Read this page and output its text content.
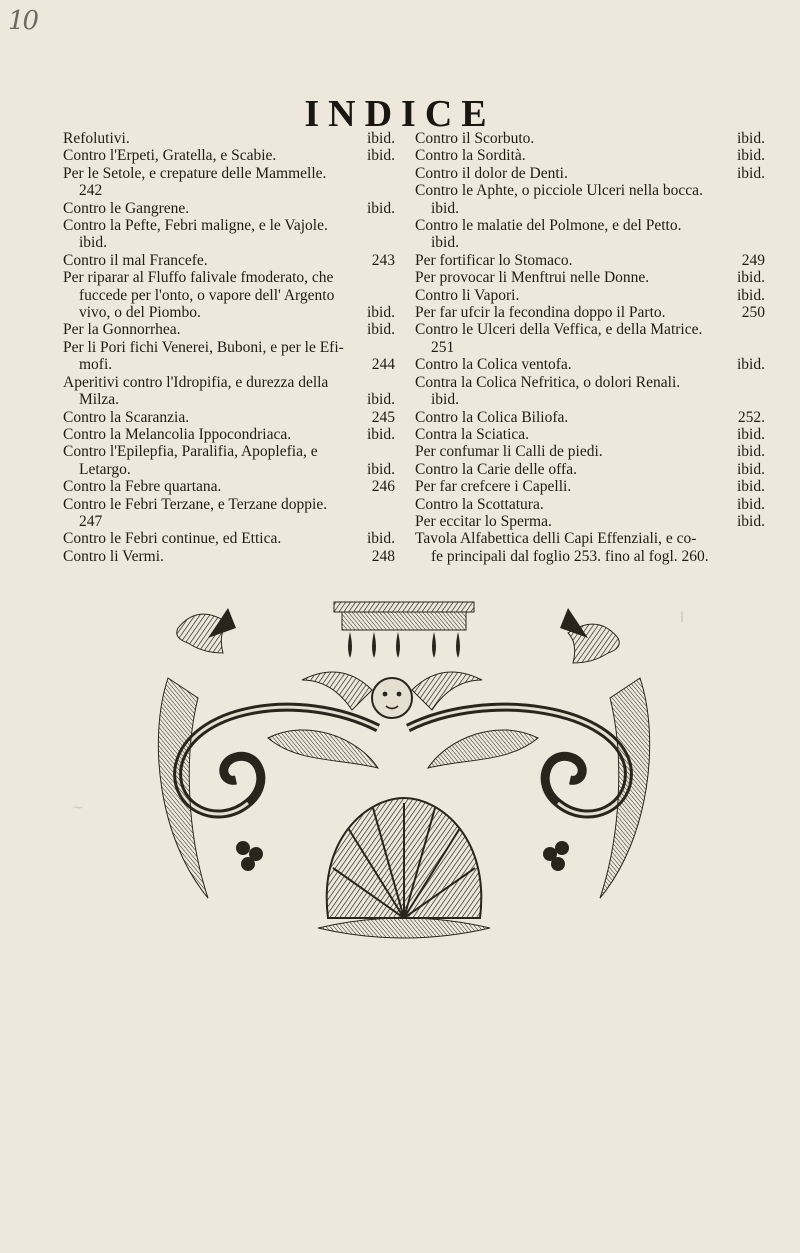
10
INDICE
Refolutivi.	ibid.
Contro l'Erpeti, Gratella, e Scabie.	ibid.
Per le Setole, e crepature delle Mammelle.
242
Contro le Gangrene.	ibid.
Contro la Pefte, Febri maligne, e le Vajole.
ibid.
Contro il mal Francefe.	243
Per riparar al Fluffo falivale fmoderato, che
fuccede per l'onto, o vapore dell' Argento
vivo, o del Piombo.	ibid.
Per la Gonnorrhea.	ibid.
Per li Pori fichi Venerei, Buboni, e per le Efi-
mofi.	244
Aperitivi contro l'Idropifia, e durezza della
Milza.	ibid.
Contro la Scaranzia.	245
Contro la Melancolia Ippocondriaca.	ibid.
Contro l'Epilepfia, Paralifia, Apoplefia, e
Letargo.	ibid.
Contro la Febre quartana.	246
Contro le Febri Terzane, e Terzane doppie.
247
Contro le Febri continue, ed Ettica.	ibid.
Contro li Vermi.	248
Contro il Scorbuto.	ibid.
Contro la Sordità.	ibid.
Contro il dolor de Denti.	ibid.
Contro le Aphte, o picciole Ulceri nella bocca.
ibid.
Contro le malatie del Polmone, e del Petto.
ibid.
Per fortificar lo Stomaco.	249
Per provocar li Menftrui nelle Donne.	ibid.
Contro li Vapori.	ibid.
Per far ufcir la fecondina doppo il Parto.	250
Contro le Ulceri della Veffica, e della Matrice.
251
Contro la Colica ventofa.	ibid.
Contra la Colica Nefritica, o dolori Renali.
ibid.
Contro la Colica Biliofa.	252.
Contra la Sciatica.	ibid.
Per confumar li Calli de piedi.	ibid.
Contro la Carie delle offa.	ibid.
Per far crefcere i Capelli.	ibid.
Contro la Scottatura.	ibid.
Per eccitar lo Sperma.	ibid.
Tavola Alfabettica delli Capi Effenziali, e co-
fe principali dal foglio 253. fino al fogl. 260.
I
~
